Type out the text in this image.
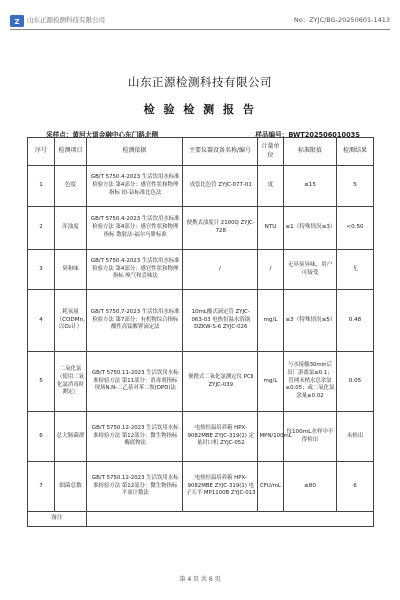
Z 山东正源检测科技有限公司	No：ZYJC/BG-20250601-1413
山东正源检测科技有限公司
检 验 检 测 报 告
采样点：黄河大道金融中心东门路北侧	样品编号：BWT20250601003S
序号	检测项目	检测依据	主要仪器设备名称/编号	计量单位	标准限值	检测结果
1	色度	GB/T 5750.4-2023 生活饮用水标准检验方法 第4部分：感官性状和物理指标 铂-钴标准比色法	成套比色管 ZYJC-077-01	度	≤15	5
2	浑浊度	GB/T 5750.4-2023 生活饮用水标准检验方法 第4部分：感官性状和物理指标 散射法-福尔马肼标准	便携式浊度计 2100Q ZYJC-728	NTU	≤1（特殊情况≤3）	<0.50
3	臭和味	GB/T 5750.4-2023 生活饮用水标准检验方法 第4部分：感官性状和物理指标 嗅气和尝味法	/	/	无异臭异味，用户可接受	无
4	耗氧量（CODMn，以O₂计）	GB/T 5750.7-2023 生活饮用水标准检验方法 第7部分：有机物综合指标 酸性高锰酸钾滴定法	10mL酸式滴定管 ZYJC-063-03 电热恒温水浴锅 DZKW-S-6 ZYJC-026	mg/L	≤3（特殊情况≤5）	0.48
5	二氧化氯（使用二氧化氯消毒时测定）	GB/T 5750.11-2023 生活饮用水标准检验方法 第11部分：消毒剂指标 现场N,N-二乙基对苯二胺(DPD)法	便携式二氧化氯测定仪 PCⅡ ZYJC-039	mg/L	与水接触30min后出厂游离氯≥0.1；管网末梢水总余氯≥0.05；或二氧化氯余量≥0.02	0.05
6	总大肠菌群	GB/T 5750.12-2023 生活饮用水标准检验方法 第12部分：微生物指标 酶底物法	电热恒温培养箱 HPX-9082MBE ZYJC-319(1) 定量封口机 ZYJC-052	MPN/100mL	每100mL水样中不得检出	未检出
7	细菌总数	GB/T 5750.12-2023 生活饮用水标准检验方法 第12部分：微生物指标 平皿计数法	电热恒温培养箱 HPX-9082MBE ZYJC-319(1) 电子天平 MP1100B ZYJC-013	CFU/mL	≤80	6
备注						
第 4 页 共 6 页
